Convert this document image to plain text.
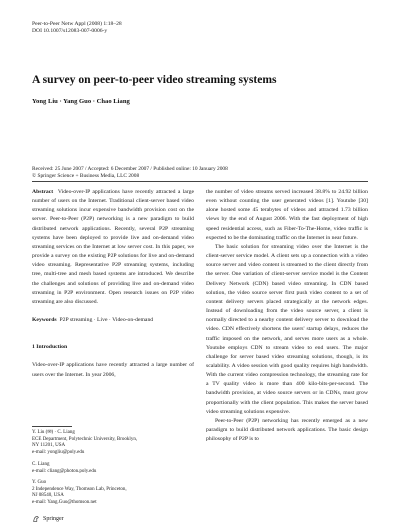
Peer-to-Peer Netw Appl (2008) 1:18–28
DOI 10.1007/s12083-007-0006-y
A survey on peer-to-peer video streaming systems
Yong Liu · Yang Guo · Chao Liang
Received: 25 June 2007 / Accepted: 6 December 2007 / Published online: 10 January 2008
© Springer Science + Business Media, LLC 2008

Abstract Video-over-IP applications have recently attracted a large number of users on the Internet. Traditional client-server based video streaming solutions incur expensive bandwidth provision cost on the server. Peer-to-Peer (P2P) networking is a new paradigm to build distributed network applications. Recently, several P2P streaming systems have been deployed to provide live and on-demand video streaming services on the Internet at low server cost. In this paper, we provide a survey on the existing P2P solutions for live and on-demand video streaming. Representative P2P streaming systems, including tree, multi-tree and mesh based systems are introduced. We describe the challenges and solutions of providing live and on-demand video streaming in P2P environment. Open research issues on P2P video streaming are also discussed.

Keywords P2P streaming · Live · Video-on-demand

1 Introduction

Video-over-IP applications have recently attracted a large number of users over the Internet. In year 2006,

Y. Liu (✉) · C. Liang
ECE Department, Polytechnic University, Brooklyn,
NY 11201, USA
e-mail: yongliu@poly.edu
C. Liang
e-mail: cliang@photon.poly.edu
Y. Guo
2 Independence Way, Thomson Lab, Princeton,
NJ 08540, USA
e-mail: Yang.Guo@thomson.net

the number of video streams served increased 38.8% to 24.92 billion even without counting the user generated videos [1]. Youtube [30] alone hosted some 45 terabytes of videos and attracted 1.73 billion views by the end of August 2006. With the fast deployment of high speed residential access, such as Fiber-To-The-Home, video traffic is expected to be the dominating traffic on the Internet in near future.

The basic solution for streaming video over the Internet is the client-server service model. A client sets up a connection with a video source server and video content is streamed to the client directly from the server. One variation of client-server service model is the Content Delivery Network (CDN) based video streaming. In CDN based solution, the video source server first push video content to a set of content delivery servers placed strategically at the network edges. Instead of downloading from the video source server, a client is normally directed to a nearby content delivery server to download the video. CDN effectively shortens the users' startup delays, reduces the traffic imposed on the network, and serves more users as a whole. Youtube employs CDN to stream video to end users. The major challenge for server based video streaming solutions, though, is its scalability. A video session with good quality requires high bandwidth. With the current video compression technology, the streaming rate for a TV quality video is more than 400 kilo-bits-per-second. The bandwidth provision, at video source servers or in CDNs, must grow proportionally with the client population. This makes the server based video streaming solutions expensive.

Peer-to-Peer (P2P) networking has recently emerged as a new paradigm to build distributed network applications. The basic design philosophy of P2P is to

Springer
